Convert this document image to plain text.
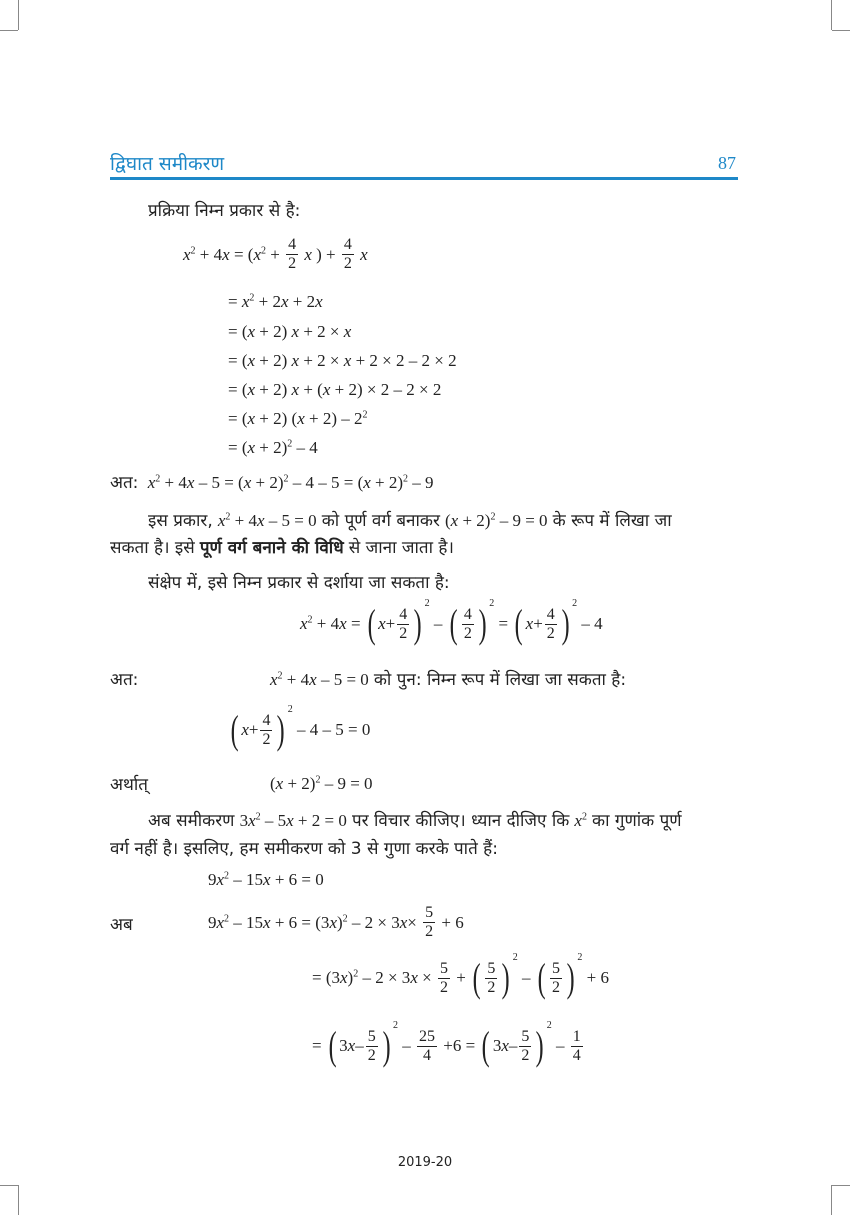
द्विघात समीकरण	87
प्रक्रिया निम्न प्रकार से है:
$x^2 + 4x = (x^2 + \frac{4}{2}$ x ) + $\frac{4}{2}$ x
= $x^2 + 2x + 2x$
= (x + 2) x + 2 × x
= (x + 2) x + 2 × x + 2 × 2 – 2 × 2
= (x + 2) x + (x + 2) × 2 – 2 × 2
= (x + 2) $(x + 2) - 2^2$
= $(x + 2)^2 - 4$
अत: $x^2 + 4x - 5 = (x + 2)^2 - 4 - 5 = (x + 2)^2 - 9$
इस प्रकार, $x^2 + 4x - 5 = 0$ को पूर्ण वर्ग बनाकर $(x + 2)^2 - 9 = 0$ के रूप में लिखा जा
सकता है। इसे पूर्ण वर्ग बनाने की विधि से जाना जाता है।
संक्षेप में, इसे निम्न प्रकार से दर्शाया जा सकता है:
$x^2 + 4x$ = ( $x+ \frac{4}{2}$ ) 2 – ( $\frac{4}{2}$ ) 2 = ( $x+ \frac{4}{2}$ ) 2 – 4
अत:	$x^2 + 4x - 5 = 0$ को पुन: निम्न रूप में लिखा जा सकता है:
( $x+ \frac{4}{2}$ ) 2 – 4 – 5 = 0
अर्थात्	$(x + 2)^2 - 9 = 0$
अब समीकरण $3x^2 - 5x + 2 = 0$ पर विचार कीजिए। ध्यान दीजिए कि $x^2$ का गुणांक पूर्ण
वर्ग नहीं है। इसलिए, हम समीकरण को 3 से गुणा करके पाते हैं:
$9x^2 - 15x + 6 = 0$
अब	$9x^2 - 15x + 6 = (3x)^2 - 2 \times 3x\times \frac{5}{2} + 6$
= $(3x)^2 - 2 \times 3x \times \frac{5}{2}$ + ( $\frac{5}{2}$ ) 2 – ( $\frac{5}{2}$ ) 2 + 6
= ( $3x- \frac{5}{2}$ ) $2 - \frac{25}{4} +6$ = ( $3x- \frac{5}{2}$ ) $2 - \frac{1}{4}$
2019-20
